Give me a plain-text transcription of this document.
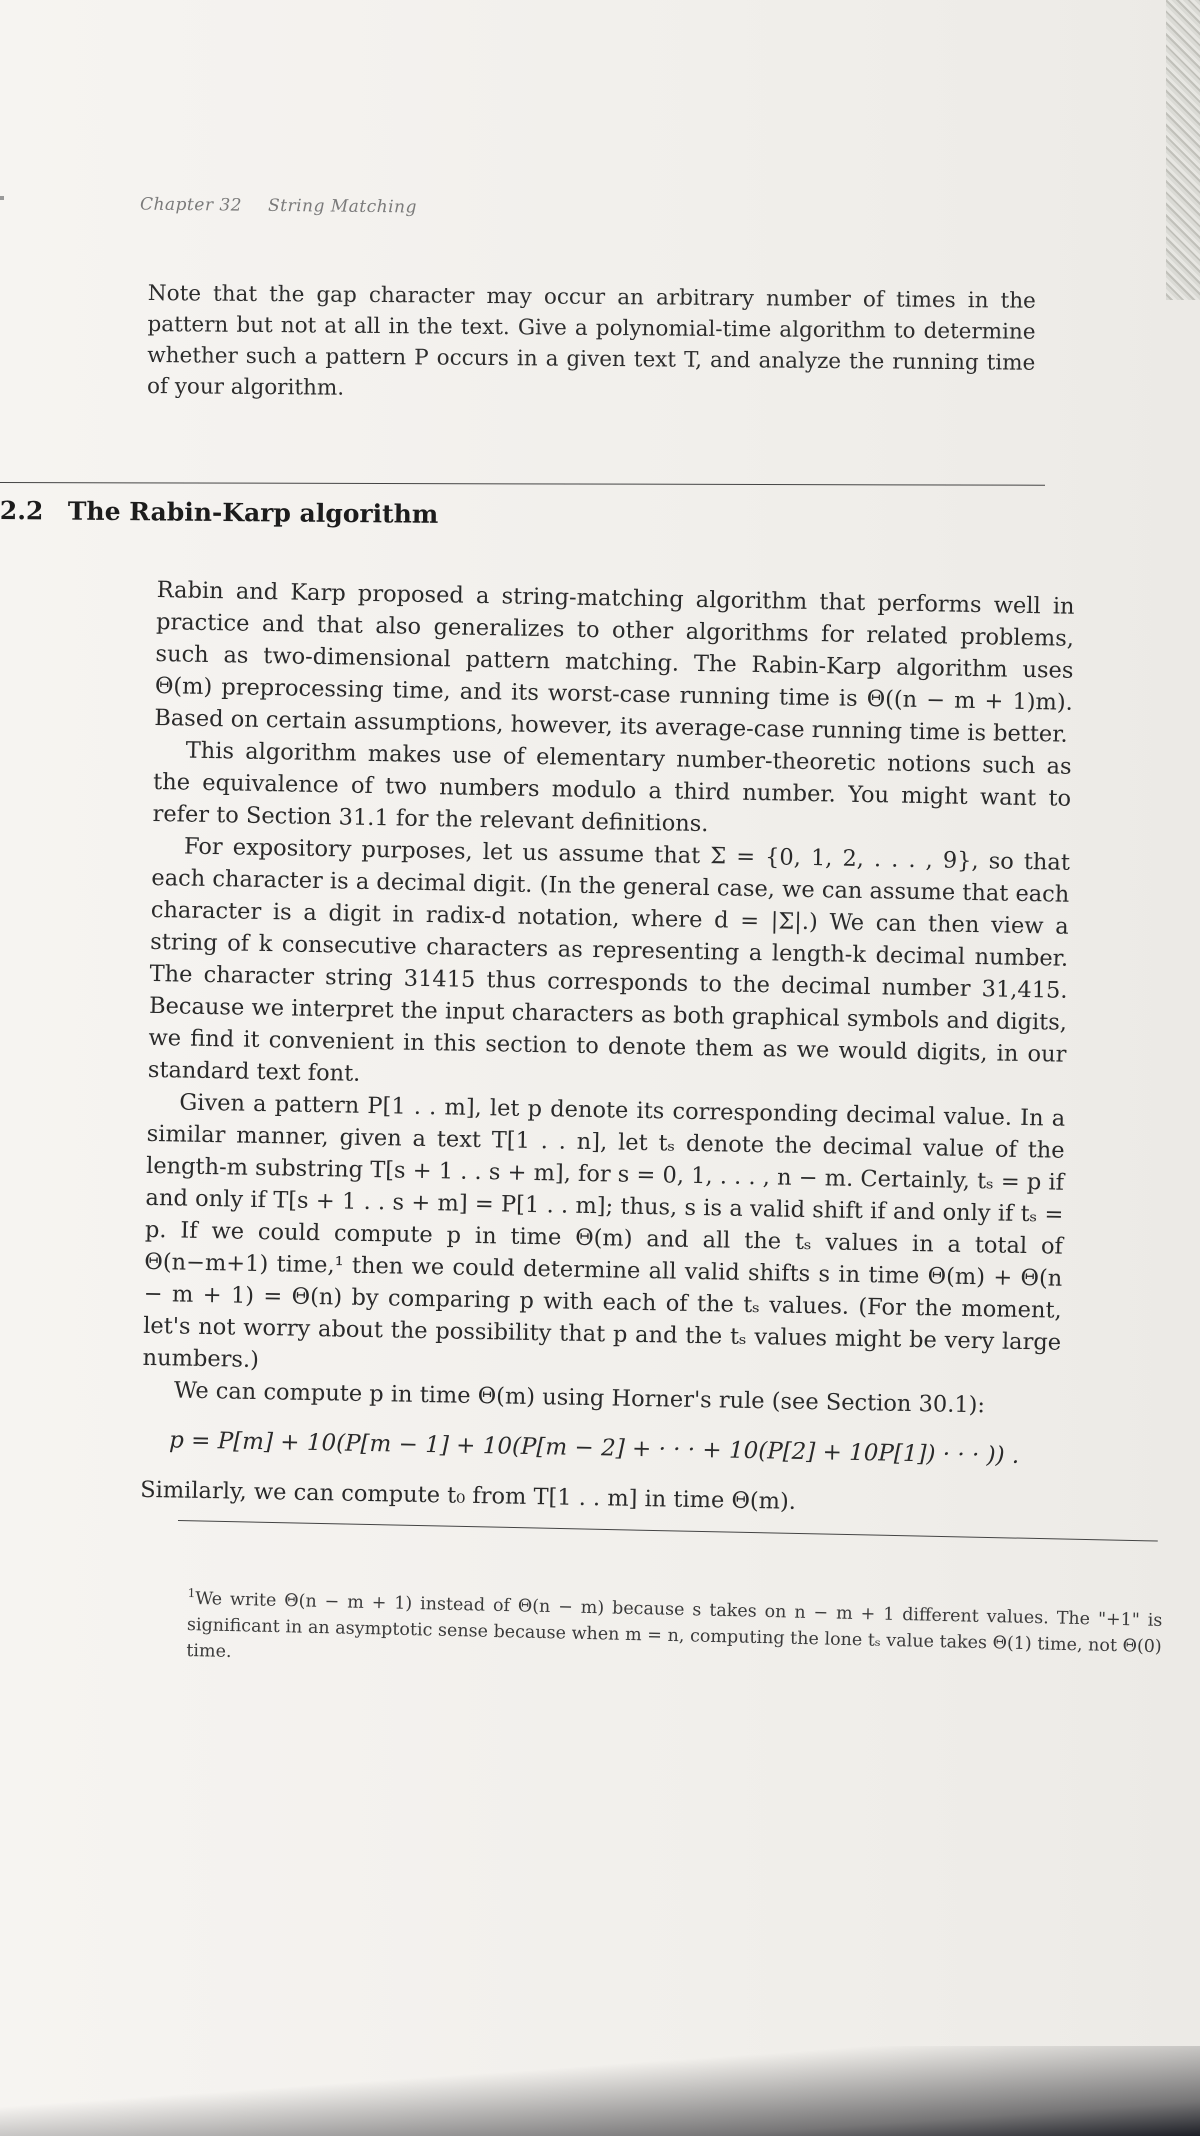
Chapter 32 String Matching
Note that the gap character may occur an arbitrary number of times in the pattern but not at all in the text. Give a polynomial-time algorithm to determine whether such a pattern P occurs in a given text T, and analyze the running time of your algorithm.
2.2 The Rabin-Karp algorithm

Rabin and Karp proposed a string-matching algorithm that performs well in practice and that also generalizes to other algorithms for related problems, such as two-dimensional pattern matching. The Rabin-Karp algorithm uses Θ(m) preprocessing time, and its worst-case running time is Θ((n − m + 1)m). Based on certain assumptions, however, its average-case running time is better.

This algorithm makes use of elementary number-theoretic notions such as the equivalence of two numbers modulo a third number. You might want to refer to Section 31.1 for the relevant definitions.

For expository purposes, let us assume that Σ = {0, 1, 2, . . . , 9}, so that each character is a decimal digit. (In the general case, we can assume that each character is a digit in radix-d notation, where d = |Σ|.) We can then view a string of k consecutive characters as representing a length-k decimal number. The character string 31415 thus corresponds to the decimal number 31,415. Because we interpret the input characters as both graphical symbols and digits, we find it convenient in this section to denote them as we would digits, in our standard text font.

Given a pattern P[1 . . m], let p denote its corresponding decimal value. In a similar manner, given a text T[1 . . n], let tₛ denote the decimal value of the length-m substring T[s + 1 . . s + m], for s = 0, 1, . . . , n − m. Certainly, tₛ = p if and only if T[s + 1 . . s + m] = P[1 . . m]; thus, s is a valid shift if and only if tₛ = p. If we could compute p in time Θ(m) and all the tₛ values in a total of Θ(n−m+1) time,¹ then we could determine all valid shifts s in time Θ(m) + Θ(n − m + 1) = Θ(n) by comparing p with each of the tₛ values. (For the moment, let's not worry about the possibility that p and the tₛ values might be very large numbers.)

We can compute p in time Θ(m) using Horner's rule (see Section 30.1):

p = P[m] + 10(P[m − 1] + 10(P[m − 2] + · · · + 10(P[2] + 10P[1]) · · · )) .

Similarly, we can compute t₀ from T[1 . . m] in time Θ(m).

$^1$We write Θ(n − m + 1) instead of Θ(n − m) because s takes on n − m + 1 different values. The "+1" is significant in an asymptotic sense because when m = n, computing the lone tₛ value takes Θ(1) time, not Θ(0) time.
